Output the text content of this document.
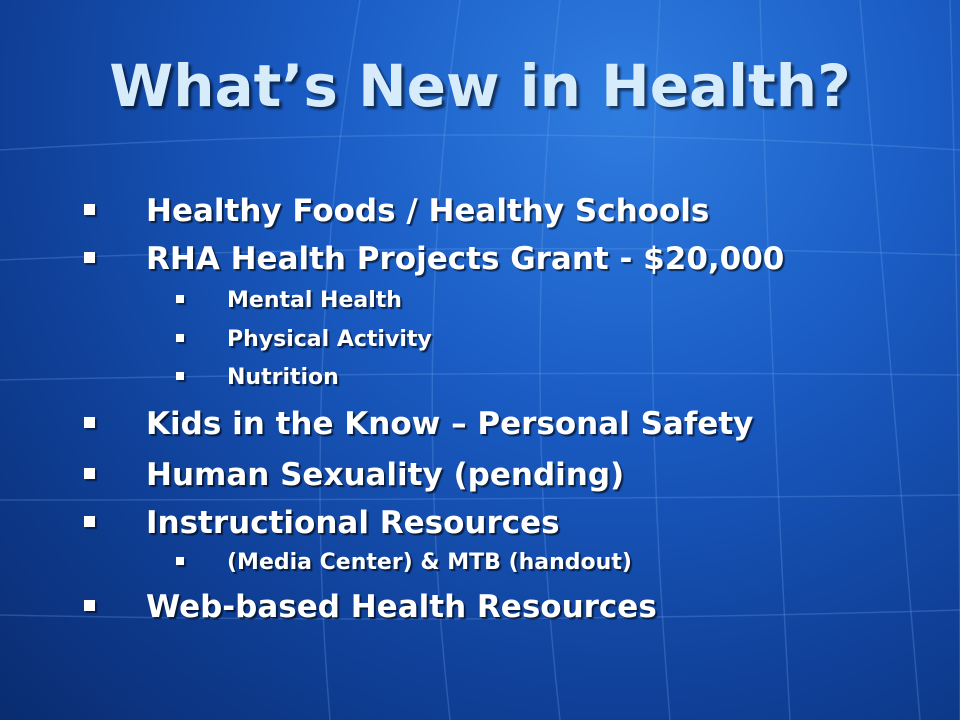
What’s New in Health?
Healthy Foods / Healthy Schools
RHA Health Projects Grant - $20,000
Mental Health
Physical Activity
Nutrition
Kids in the Know – Personal Safety
Human Sexuality (pending)
Instructional Resources
(Media Center) & MTB (handout)
Web-based Health Resources
